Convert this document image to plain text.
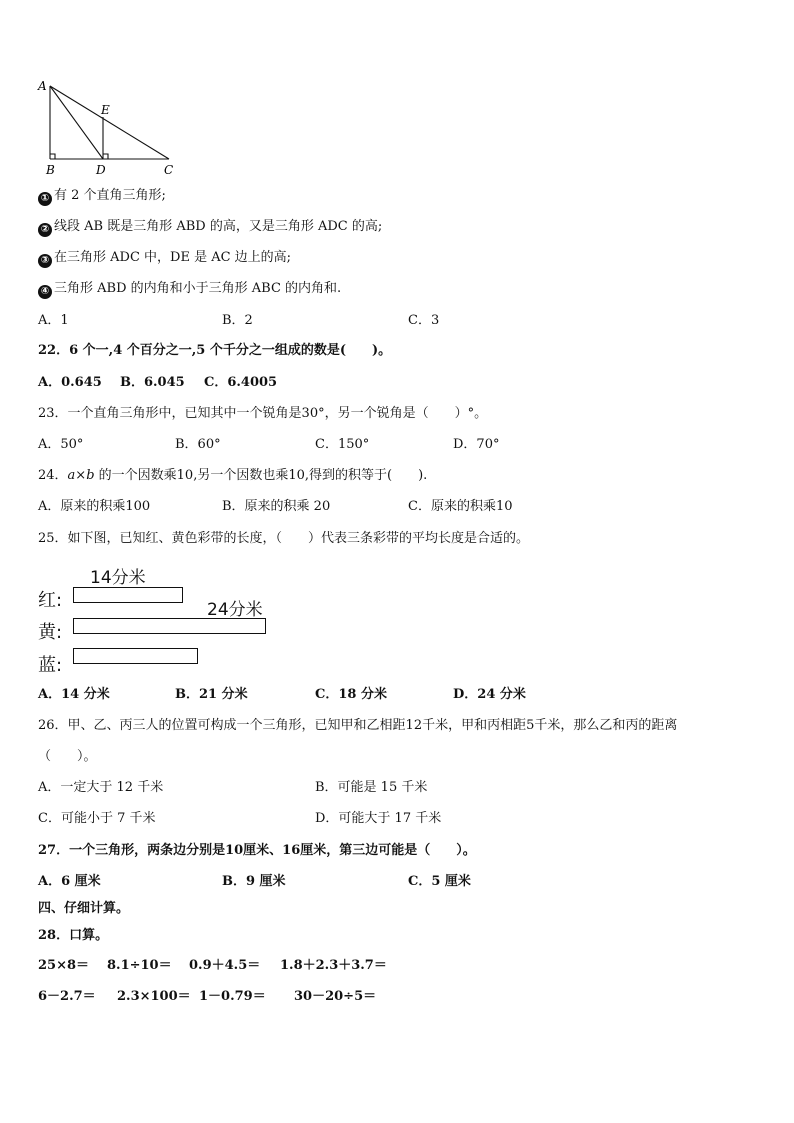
A
E
B	D	C
① 有 2 个直角三角形;
② 线段 AB 既是三角形 ABD 的高，又是三角形 ADC 的高;
③ 在三角形 ADC 中，DE 是 AC 边上的高;
④ 三角形 ABD 的内角和小于三角形 ABC 的内角和.
A．1	B．2	C．3
22．6 个一,4 个百分之一,5 个千分之一组成的数是(　　)。
A．0.645 B．6.045 C．6.4005
23．一个直角三角形中，已知其中一个锐角是30°，另一个锐角是（　　）°。
A．50°	B．60°	C．150°	D．70°
24．a×b 的一个因数乘10,另一个因数也乘10,得到的积等于(　　).
A．原来的积乘100	B．原来的积乘 20	C．原来的积乘10
25．如下图，已知红、黄色彩带的长度，（　　）代表三条彩带的平均长度是合适的。
14分米
红:	24分米
黄:
蓝:
A．14 分米	B．21 分米	C．18 分米	D．24 分米
26．甲、乙、丙三人的位置可构成一个三角形，已知甲和乙相距12千米，甲和丙相距5千米，那么乙和丙的距离
（　　）。
A．一定大于 12 千米	B．可能是 15 千米
C．可能小于 7 千米	D．可能大于 17 千米
27．一个三角形，两条边分别是10厘米、16厘米，第三边可能是（　　）。
A．6 厘米	B．9 厘米	C．5 厘米
四、仔细计算。
28．口算。
25×8＝ 8.1÷10＝ 0.9＋4.5＝ 1.8＋2.3＋3.7＝
6－2.7＝ 2.3×100＝ 1－0.79＝ 30－20÷5＝
